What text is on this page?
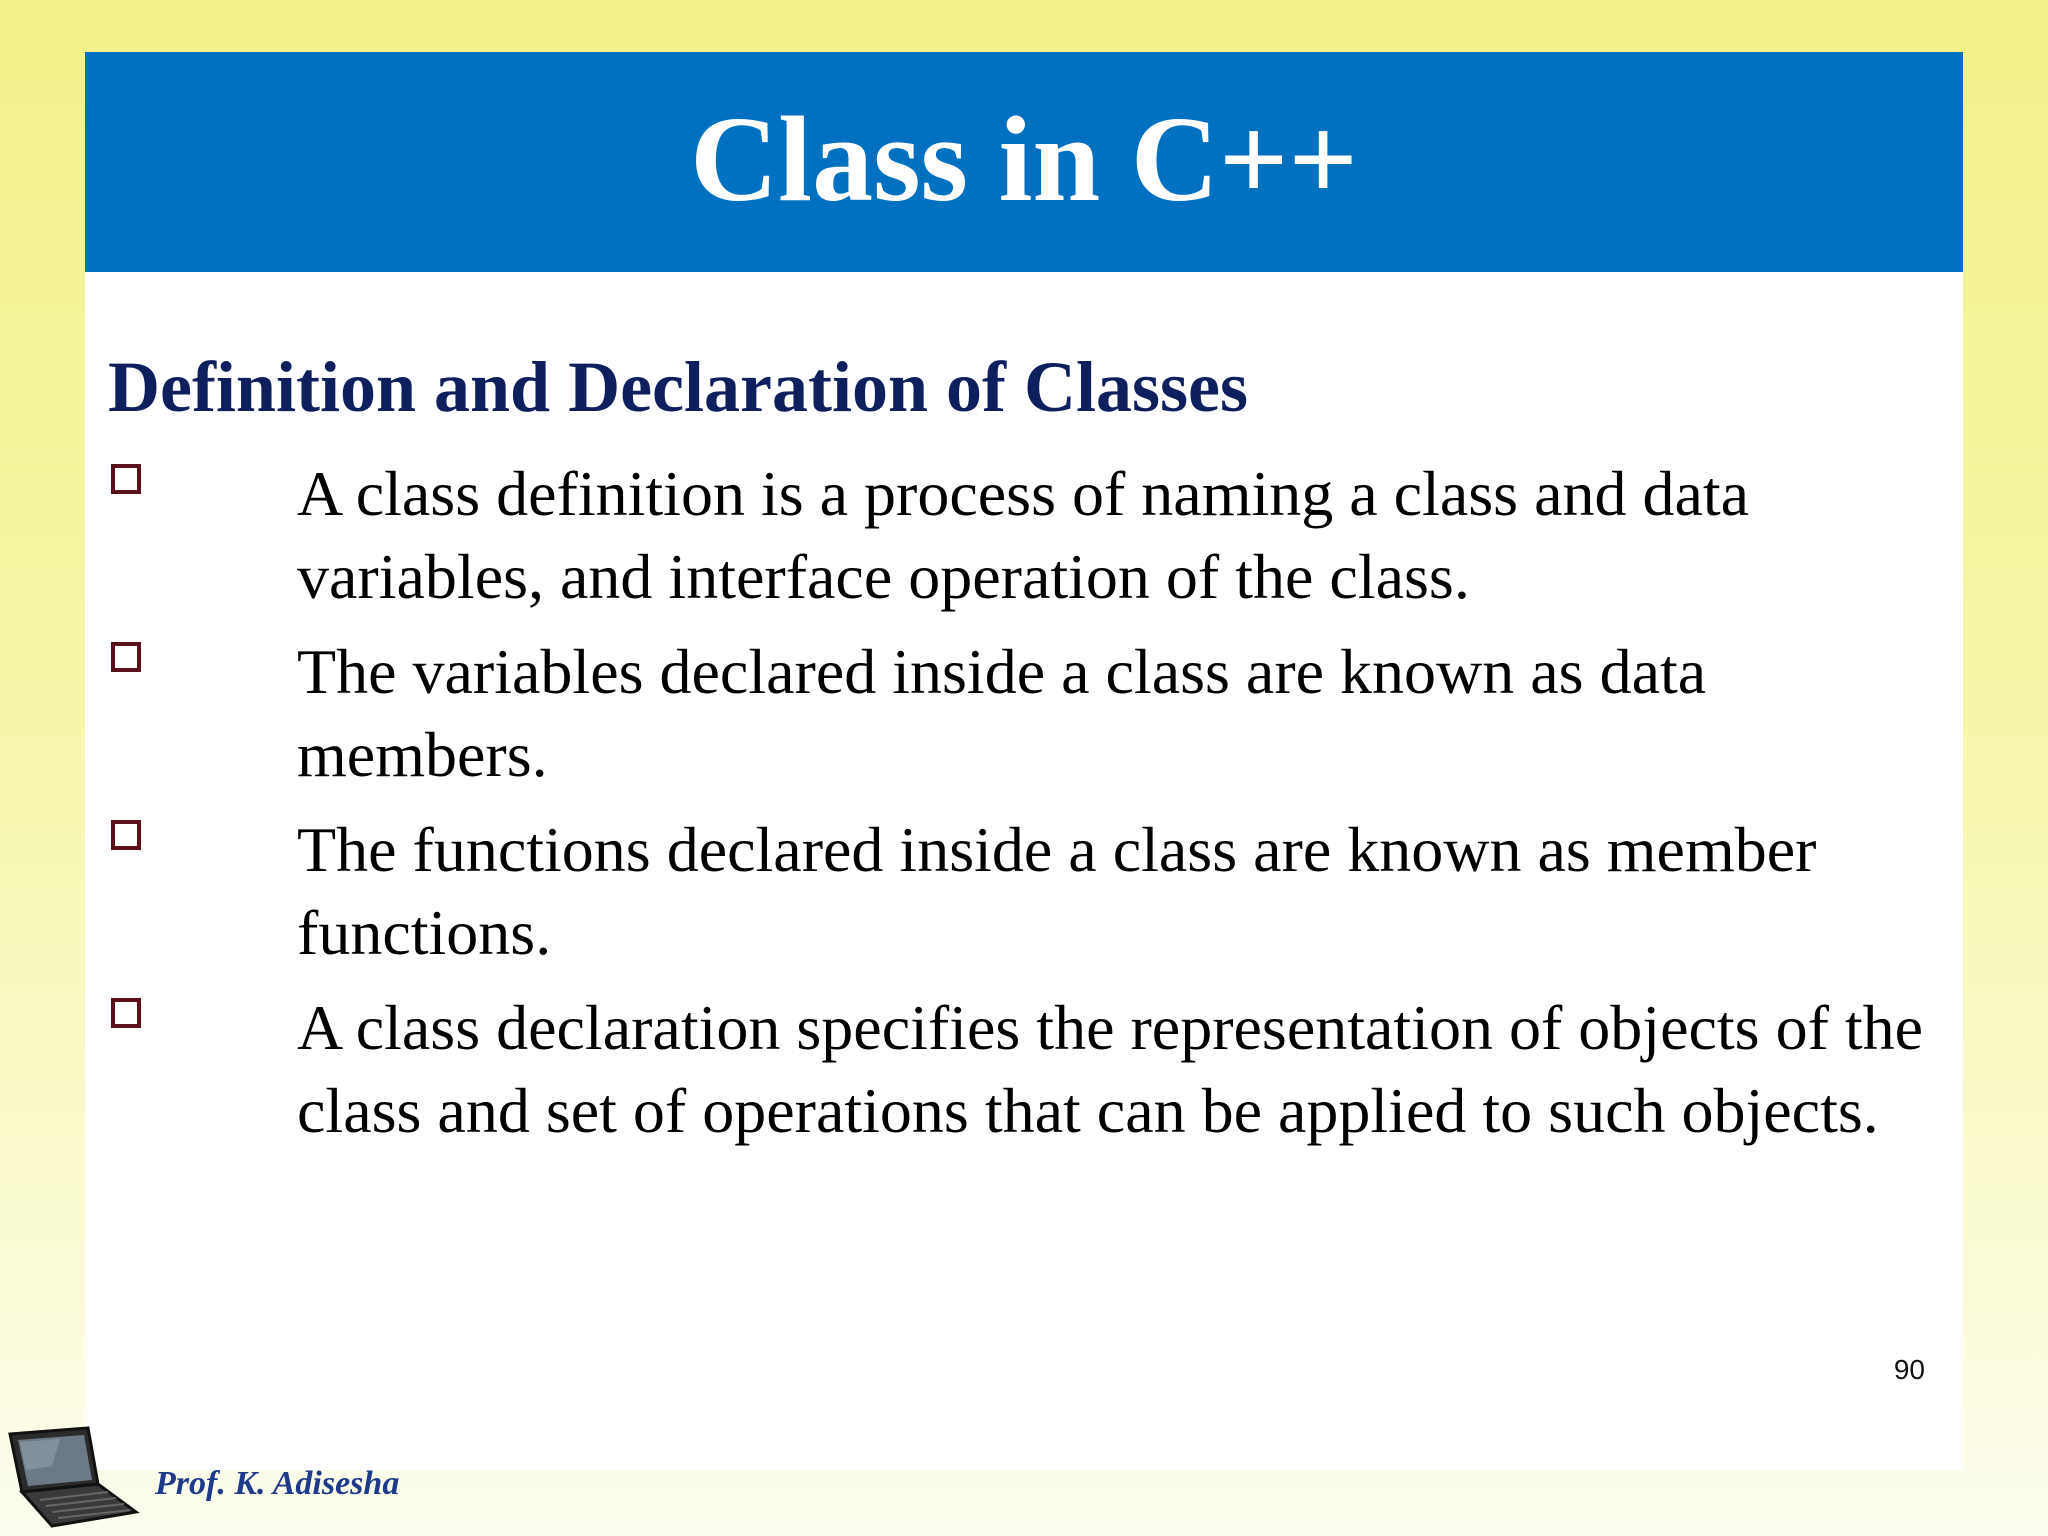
Class in C++
Definition and Declaration of Classes
A class definition is a process of naming a class and data variables, and interface operation of the class.
The variables declared inside a class are known as data members.
The functions declared inside a class are known as member functions.
A class declaration specifies the representation of objects of the class and set of operations that can be applied to such objects.
90
Prof. K. Adisesha
